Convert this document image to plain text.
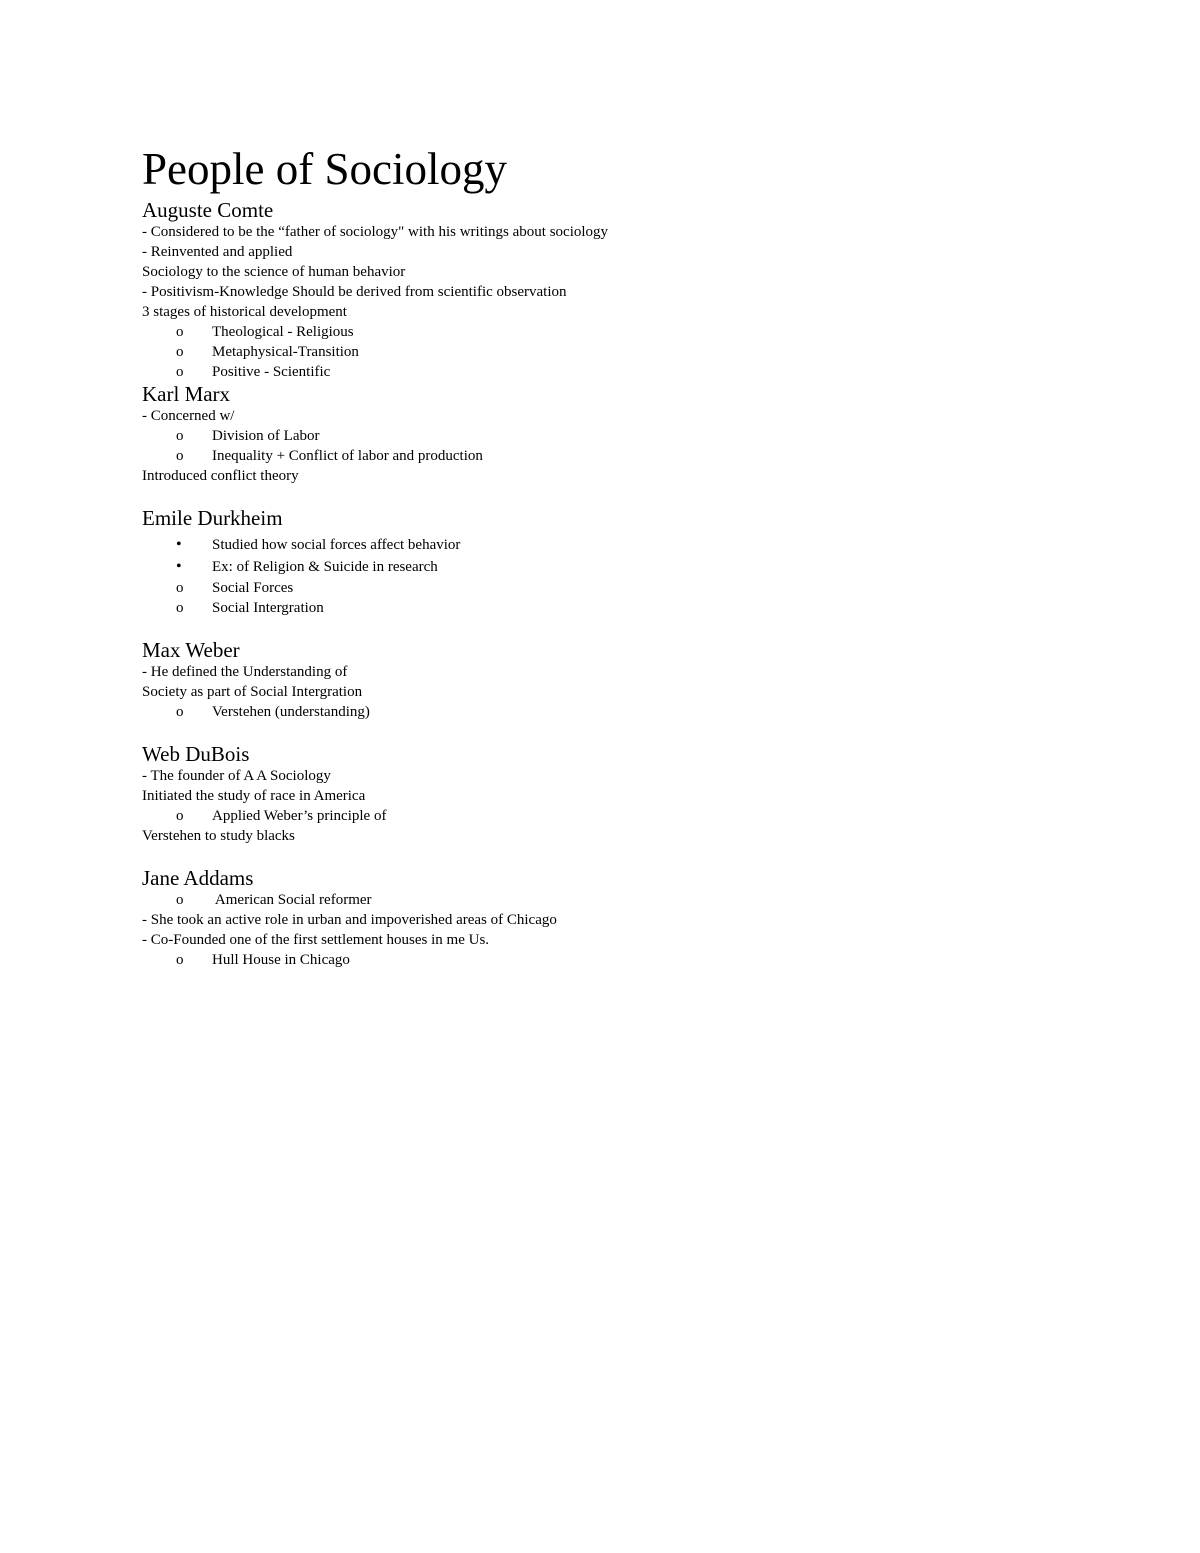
People of Sociology
Auguste Comte

- Considered to be the “father of sociology" with his writings about sociology

- Reinvented and applied

Sociology to the science of human behavior

- Positivism-Knowledge Should be derived from scientific observation

3 stages of historical development

o	Theological - Religious
o	Metaphysical-Transition
o	Positive - Scientific
Karl Marx

- Concerned w/

o	Division of Labor
o	Inequality + Conflict of labor and production

Introduced conflict theory

Emile Durkheim
•	Studied how social forces affect behavior
•	Ex: of Religion & Suicide in research
o	Social Forces
o	Social Intergration
Max Weber

- He defined the Understanding of

Society as part of Social Intergration

o	Verstehen (understanding)
Web DuBois

- The founder of A A Sociology

Initiated the study of race in America

o	Applied Weber’s principle of

Verstehen to study blacks

Jane Addams
o	American Social reformer

- She took an active role in urban and impoverished areas of Chicago

- Co-Founded one of the first settlement houses in me Us.

o	Hull House in Chicago
